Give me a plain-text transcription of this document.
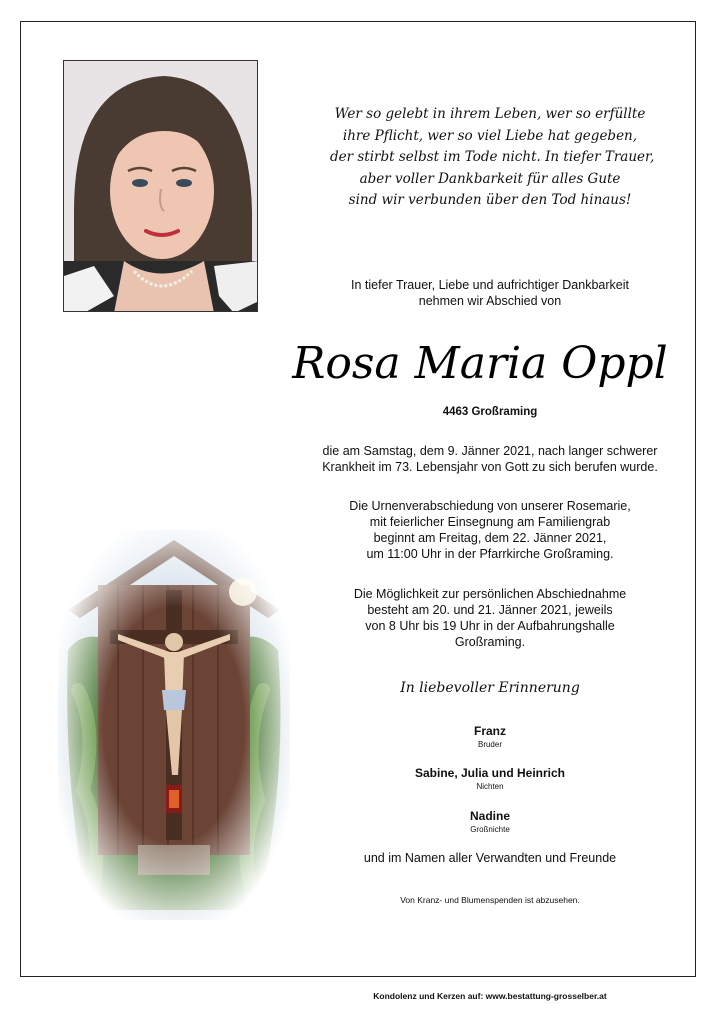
Wer so gelebt in ihrem Leben, wer so erfüllte
ihre Pflicht, wer so viel Liebe hat gegeben,
der stirbt selbst im Tode nicht. In tiefer Trauer,
aber voller Dankbarkeit für alles Gute
sind wir verbunden über den Tod hinaus!
In tiefer Trauer, Liebe und aufrichtiger Dankbarkeit
nehmen wir Abschied von
Rosa Maria Oppl
4463 Großraming
die am Samstag, dem 9. Jänner 2021, nach langer schwerer
Krankheit im 73. Lebensjahr von Gott zu sich berufen wurde.
Die Urnenverabschiedung von unserer Rosemarie,
mit feierlicher Einsegnung am Familiengrab
beginnt am Freitag, dem 22. Jänner 2021,
um 11:00 Uhr in der Pfarrkirche Großraming.
Die Möglichkeit zur persönlichen Abschiednahme
besteht am 20. und 21. Jänner 2021, jeweils
von 8 Uhr bis 19 Uhr in der Aufbahrungshalle
Großraming.
In liebevoller Erinnerung
Franz
Bruder
Sabine, Julia und Heinrich
Nichten
Nadine
Großnichte
und im Namen aller Verwandten und Freunde
Von Kranz- und Blumenspenden ist abzusehen.
Kondolenz und Kerzen auf: www.bestattung-grosselber.at
